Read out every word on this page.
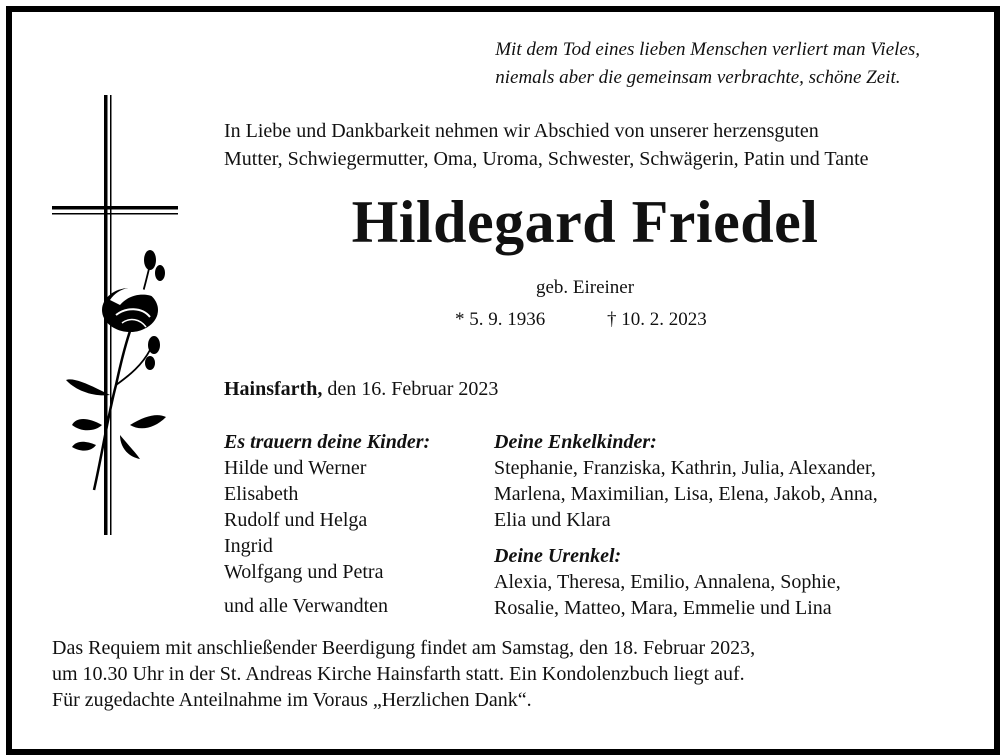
Mit dem Tod eines lieben Menschen verliert man Vieles,
niemals aber die gemeinsam verbrachte, schöne Zeit.
In Liebe und Dankbarkeit nehmen wir Abschied von unserer herzensguten
Mutter, Schwiegermutter, Oma, Uroma, Schwester, Schwägerin, Patin und Tante
Hildegard Friedel
geb. Eireiner
* 5. 9. 1936	† 10. 2. 2023
Hainsfarth, den 16. Februar 2023
Es trauern deine Kinder:
Hilde und Werner
Elisabeth
Rudolf und Helga
Ingrid
Wolfgang und Petra
und alle Verwandten
Deine Enkelkinder:
Stephanie, Franziska, Kathrin, Julia, Alexander,
Marlena, Maximilian, Lisa, Elena, Jakob, Anna,
Elia und Klara
Deine Urenkel:
Alexia, Theresa, Emilio, Annalena, Sophie,
Rosalie, Matteo, Mara, Emmelie und Lina
Das Requiem mit anschließender Beerdigung findet am Samstag, den 18. Februar 2023,
um 10.30 Uhr in der St. Andreas Kirche Hainsfarth statt. Ein Kondolenzbuch liegt auf.
Für zugedachte Anteilnahme im Voraus „Herzlichen Dank“.
